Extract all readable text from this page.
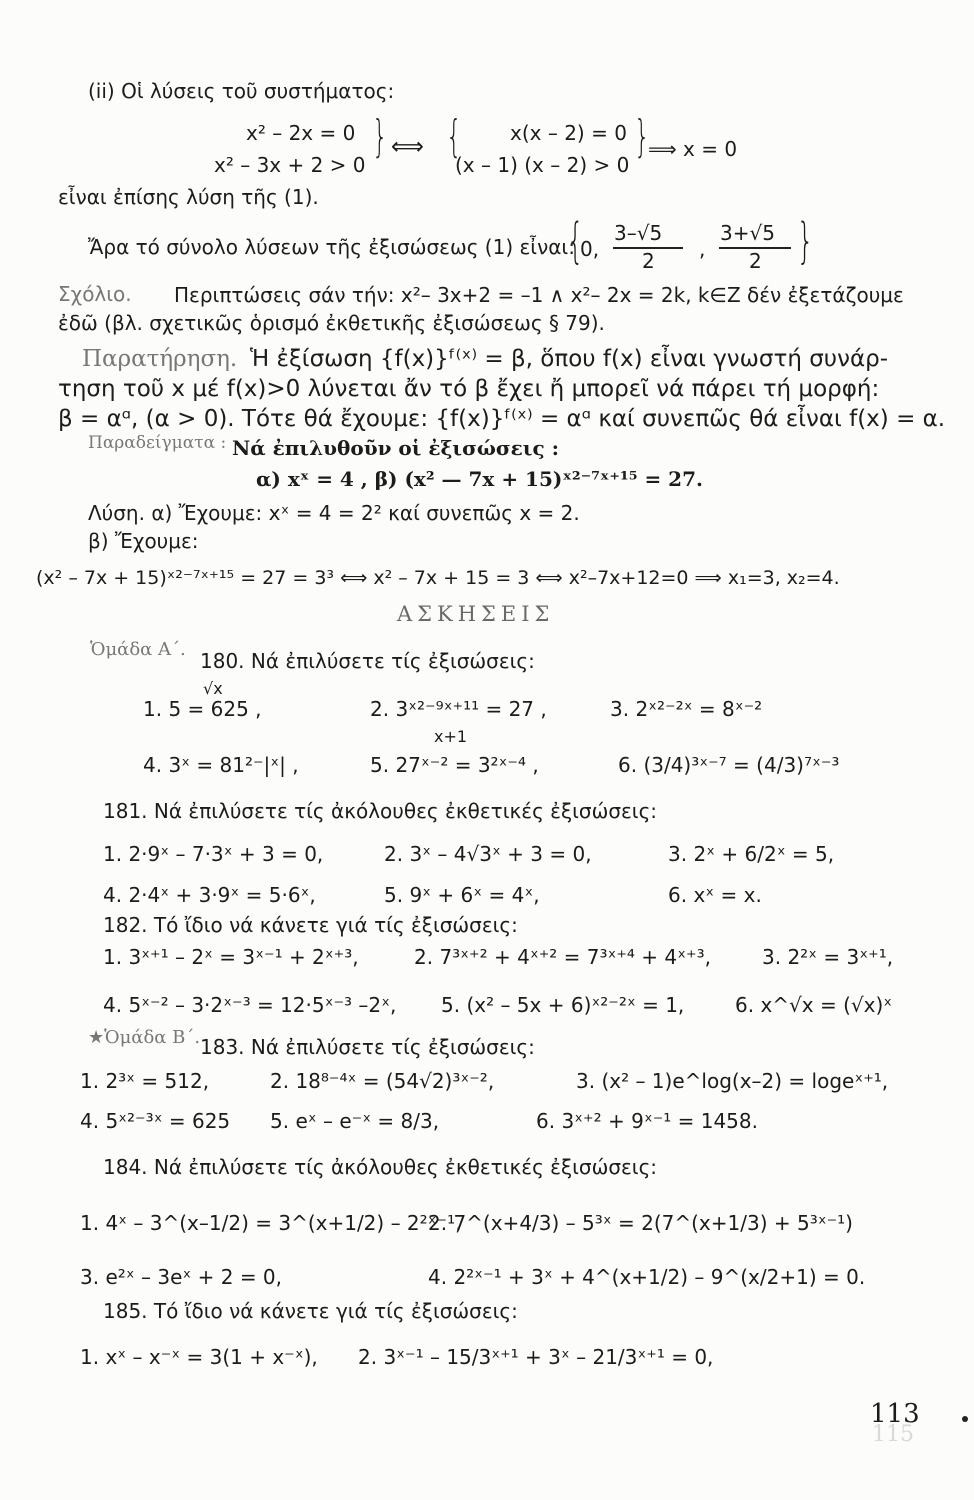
115
(ii) Οἱ λύσεις τοῦ συστήματος:
x² – 2x = 0
x² – 3x + 2 > 0
} ⟺ { x(x – 2) = 0
(x – 1) (x – 2) > 0
}
⟹ x = 0
εἶναι ἐπίσης λύση τῆς (1).
Ἄρα τό σύνολο λύσεων τῆς ἐξισώσεως (1) εἶναι:
{
0,
3–√5
2 ,
3+√5
2 }
Σχόλιο. Περιπτώσεις σάν τήν: x²– 3x+2 = –1 ∧ x²– 2x = 2k, k∈Z δέν ἐξετάζουμε
ἐδῶ (βλ. σχετικῶς ὁρισμό ἐκθετικῆς ἐξισώσεως § 79).
Παρατήρηση. Ἡ ἐξίσωση {f(x)}ᶠ⁽ˣ⁾ = β, ὅπου f(x) εἶναι γνωστή συνάρ-
τηση τοῦ x μέ f(x)>0 λύνεται ἄν τό β ἔχει ἤ μπορεῖ νά πάρει τή μορφή:
β = αᵅ, (α > 0). Τότε θά ἔχουμε: {f(x)}ᶠ⁽ˣ⁾ = αᵅ καί συνεπῶς θά εἶναι f(x) = α.
Παραδείγματα : Νά ἐπιλυθοῦν οἱ ἐξισώσεις :
α) xˣ = 4 , β) (x² — 7x + 15)ˣ²⁻⁷ˣ⁺¹⁵ = 27.
Λύση. α) Ἔχουμε: xˣ = 4 = 2² καί συνεπῶς x = 2.
β) Ἔχουμε:
(x² – 7x + 15)ˣ²⁻⁷ˣ⁺¹⁵ = 27 = 3³ ⟺ x² – 7x + 15 = 3 ⟺ x²–7x+12=0 ⟹ x₁=3, x₂=4.
ΑΣΚΗΣΕΙΣ
Ὁμάδα Α΄. 180. Νά ἐπιλύσετε τίς ἐξισώσεις:
√x
1. 5 = 625 ,	2. 3ˣ²⁻⁹ˣ⁺¹¹ = 27 ,	3. 2ˣ²⁻²ˣ = 8ˣ⁻²
x+1
4. 3ˣ = 81²⁻|ˣ| ,	5. 27ˣ⁻² = 3²ˣ⁻⁴ ,	6. (3/4)³ˣ⁻⁷ = (4/3)⁷ˣ⁻³
181. Νά ἐπιλύσετε τίς ἀκόλουθες ἐκθετικές ἐξισώσεις:
1. 2·9ˣ – 7·3ˣ + 3 = 0,	2. 3ˣ – 4√3ˣ + 3 = 0,	3. 2ˣ + 6/2ˣ = 5,
4. 2·4ˣ + 3·9ˣ = 5·6ˣ,	5. 9ˣ + 6ˣ = 4ˣ,	6. xˣ = x.
182. Τό ἴδιο νά κάνετε γιά τίς ἐξισώσεις:
1. 3ˣ⁺¹ – 2ˣ = 3ˣ⁻¹ + 2ˣ⁺³,	2. 7³ˣ⁺² + 4ˣ⁺² = 7³ˣ⁺⁴ + 4ˣ⁺³,	3. 2²ˣ = 3ˣ⁺¹,
4. 5ˣ⁻² – 3·2ˣ⁻³ = 12·5ˣ⁻³ –2ˣ, 5. (x² – 5x + 6)ˣ²⁻²ˣ = 1,	6. x^√x = (√x)ˣ
★Ὁμάδα Β΄. 183. Νά ἐπιλύσετε τίς ἐξισώσεις:
1. 2³ˣ = 512,	2. 18⁸⁻⁴ˣ = (54√2)³ˣ⁻²,	3. (x² – 1)e^log(x–2) = logeˣ⁺¹,
4. 5ˣ²⁻³ˣ = 625 5. eˣ – e⁻ˣ = 8/3,	6. 3ˣ⁺² + 9ˣ⁻¹ = 1458.
184. Νά ἐπιλύσετε τίς ἀκόλουθες ἐκθετικές ἐξισώσεις:
1. 4ˣ – 3^(x–1/2) = 3^(x+1/2) – 2²ˣ⁻¹,
2. 7^(x+4/3) – 5³ˣ = 2(7^(x+1/3) + 5³ˣ⁻¹)
3. e²ˣ – 3eˣ + 2 = 0,	4. 2²ˣ⁻¹ + 3ˣ + 4^(x+1/2) – 9^(x/2+1) = 0.
185. Τό ἴδιο νά κάνετε γιά τίς ἐξισώσεις:
1. xˣ – x⁻ˣ = 3(1 + x⁻ˣ), 2. 3ˣ⁻¹ – 15/3ˣ⁺¹ + 3ˣ – 21/3ˣ⁺¹ = 0,
113
